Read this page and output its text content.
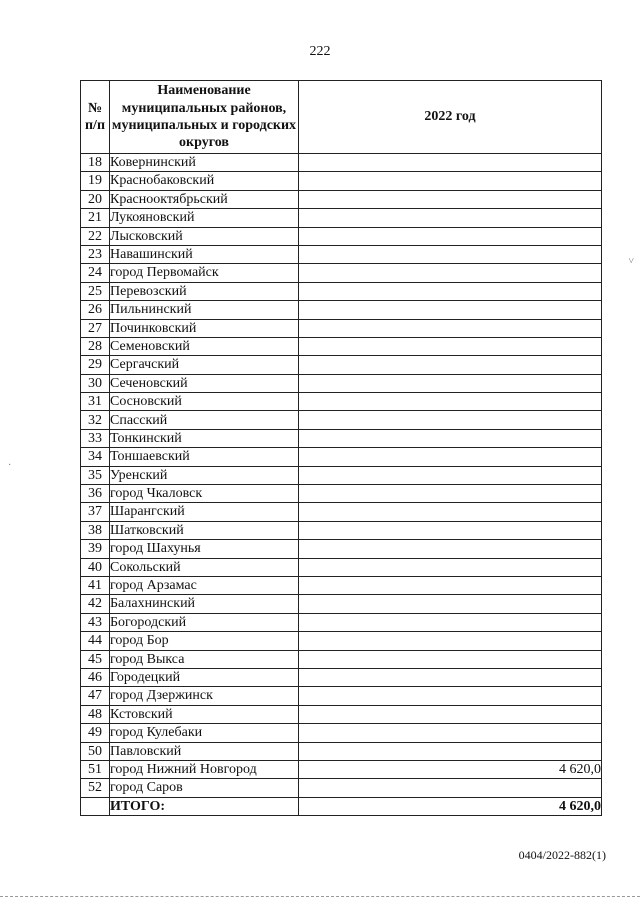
222
№
п/п	Наименование муниципальных районов, муниципальных и городских округов	2022 год
18	Ковернинский	
19	Краснобаковский	
20	Краснооктябрьский	
21	Лукояновский	
22	Лысковский	
23	Навашинский	
24	город Первомайск	
25	Перевозский	
26	Пильнинский	
27	Починковский	
28	Семеновский	
29	Сергачский	
30	Сеченовский	
31	Сосновский	
32	Спасский	
33	Тонкинский	
34	Тоншаевский	
35	Уренский	
36	город Чкаловск	
37	Шарангский	
38	Шатковский	
39	город Шахунья	
40	Сокольский	
41	город Арзамас	
42	Балахнинский	
43	Богородский	
44	город Бор	
45	город Выкса	
46	Городецкий	
47	город Дзержинск	
48	Кстовский	
49	город Кулебаки	
50	Павловский	
51	город Нижний Новгород	4 620,0
52	город Саров	
	ИТОГО:	4 620,0
˅
·
0404/2022-882(1)
